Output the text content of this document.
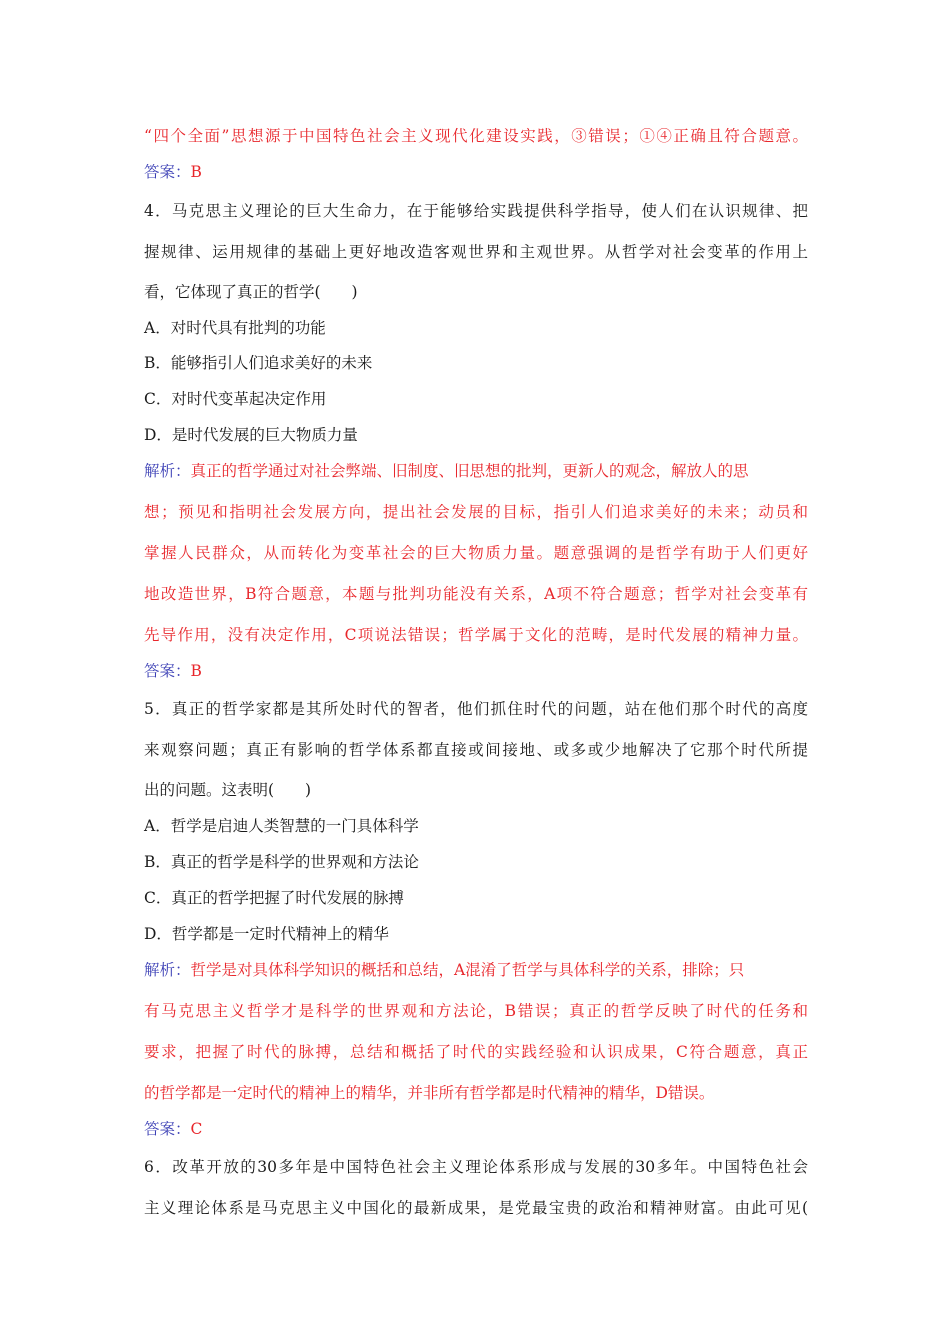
“四个全面”思想源于中国特色社会主义现代化建设实践，③错误；①④正确且符合题意。
答案：B
4．马克思主义理论的巨大生命力，在于能够给实践提供科学指导，使人们在认识规律、把
握规律、运用规律的基础上更好地改造客观世界和主观世界。从哲学对社会变革的作用上
看，它体现了真正的哲学(　　)
A．对时代具有批判的功能
B．能够指引人们追求美好的未来
C．对时代变革起决定作用
D．是时代发展的巨大物质力量
解析：真正的哲学通过对社会弊端、旧制度、旧思想的批判，更新人的观念，解放人的思
想；预见和指明社会发展方向，提出社会发展的目标，指引人们追求美好的未来；动员和
掌握人民群众，从而转化为变革社会的巨大物质力量。题意强调的是哲学有助于人们更好
地改造世界，B符合题意，本题与批判功能没有关系，A项不符合题意；哲学对社会变革有
先导作用，没有决定作用，C项说法错误；哲学属于文化的范畴，是时代发展的精神力量。
答案：B
5．真正的哲学家都是其所处时代的智者，他们抓住时代的问题，站在他们那个时代的高度
来观察问题；真正有影响的哲学体系都直接或间接地、或多或少地解决了它那个时代所提
出的问题。这表明(　　)
A．哲学是启迪人类智慧的一门具体科学
B．真正的哲学是科学的世界观和方法论
C．真正的哲学把握了时代发展的脉搏
D．哲学都是一定时代精神上的精华
解析：哲学是对具体科学知识的概括和总结，A混淆了哲学与具体科学的关系，排除；只
有马克思主义哲学才是科学的世界观和方法论，B错误；真正的哲学反映了时代的任务和
要求，把握了时代的脉搏，总结和概括了时代的实践经验和认识成果，C符合题意，真正
的哲学都是一定时代的精神上的精华，并非所有哲学都是时代精神的精华，D错误。
答案：C
6．改革开放的30多年是中国特色社会主义理论体系形成与发展的30多年。中国特色社会
主义理论体系是马克思主义中国化的最新成果，是党最宝贵的政治和精神财富。由此可见(
